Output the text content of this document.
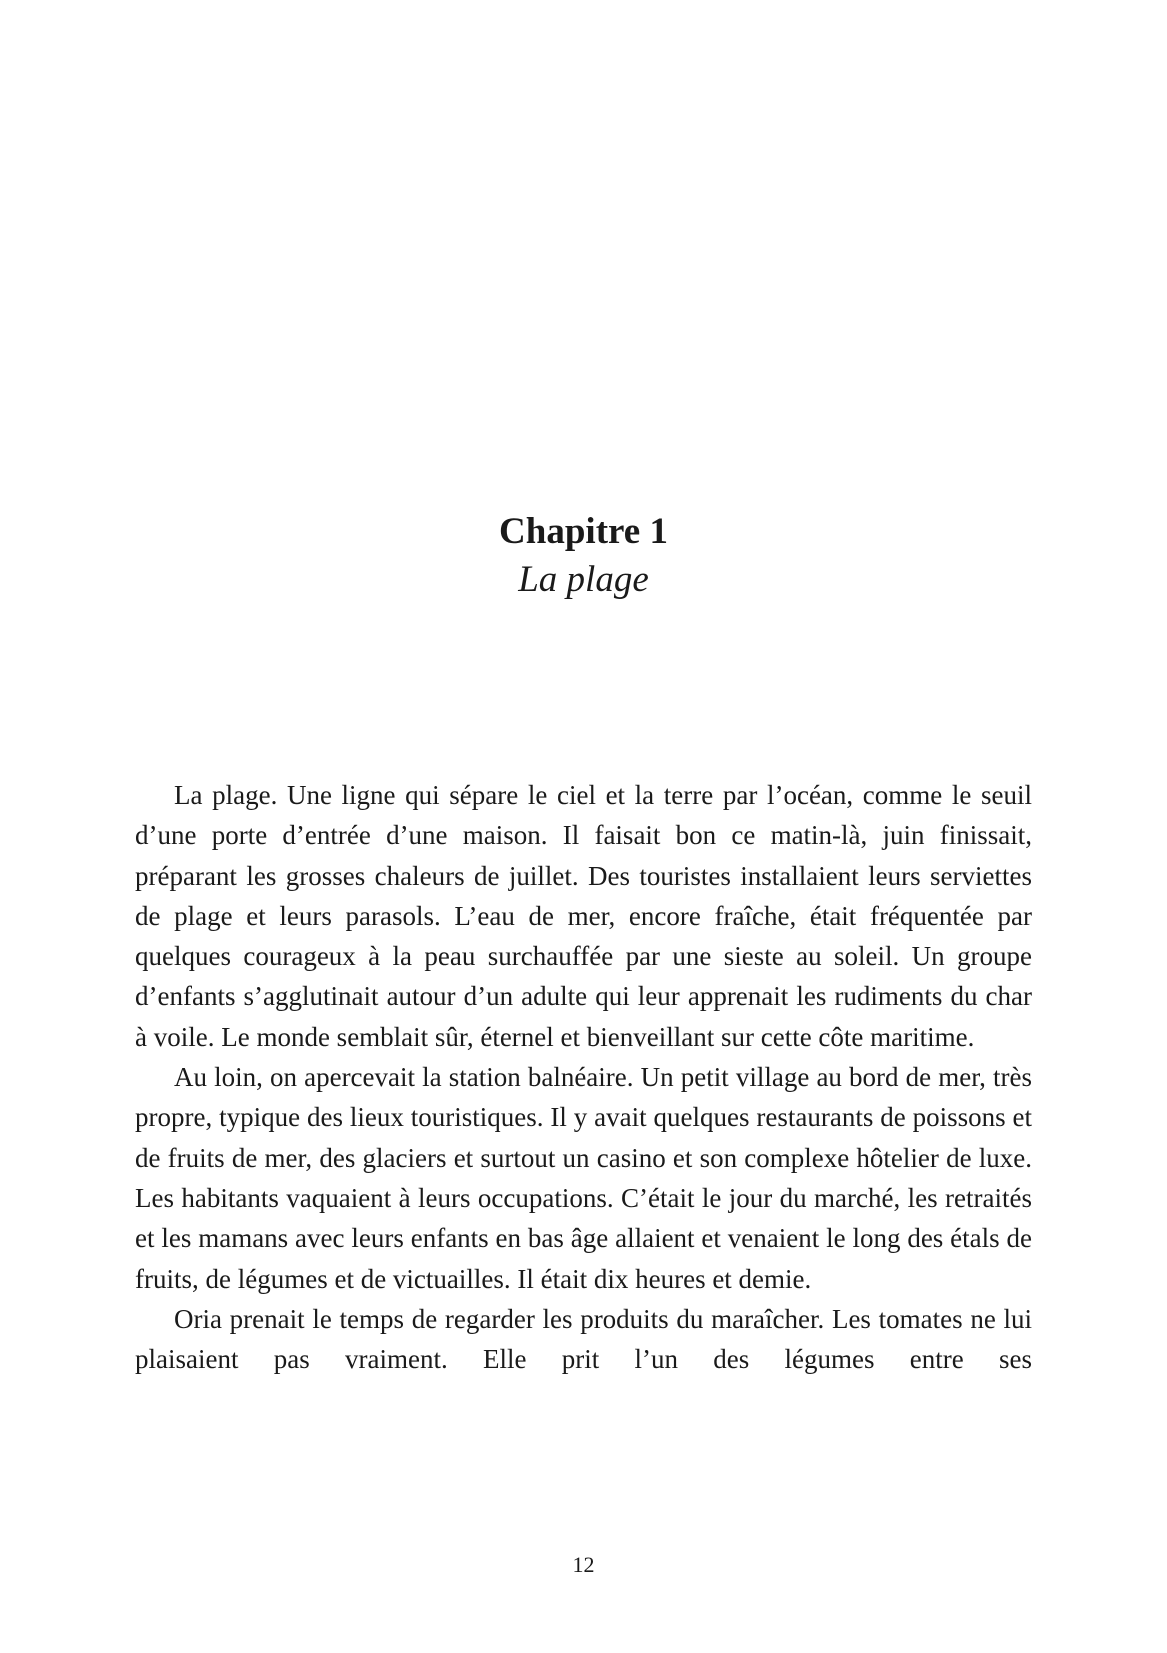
Chapitre 1
La plage

La plage. Une ligne qui sépare le ciel et la terre par l’océan, comme le seuil d’une porte d’entrée d’une maison. Il faisait bon ce matin-là, juin finissait, préparant les grosses chaleurs de juillet. Des touristes installaient leurs serviettes de plage et leurs parasols. L’eau de mer, encore fraîche, était fréquentée par quelques courageux à la peau surchauffée par une sieste au soleil. Un groupe d’enfants s’agglutinait autour d’un adulte qui leur apprenait les rudiments du char à voile. Le monde semblait sûr, éternel et bienveillant sur cette côte maritime.

Au loin, on apercevait la station balnéaire. Un petit village au bord de mer, très propre, typique des lieux touristiques. Il y avait quelques restaurants de poissons et de fruits de mer, des glaciers et surtout un casino et son complexe hôtelier de luxe. Les habitants vaquaient à leurs occupations. C’était le jour du marché, les retraités et les mamans avec leurs enfants en bas âge allaient et venaient le long des étals de fruits, de légumes et de victuailles. Il était dix heures et demie.

Oria prenait le temps de regarder les produits du maraîcher. Les tomates ne lui plaisaient pas vraiment. Elle prit l’un des légumes entre ses

12
